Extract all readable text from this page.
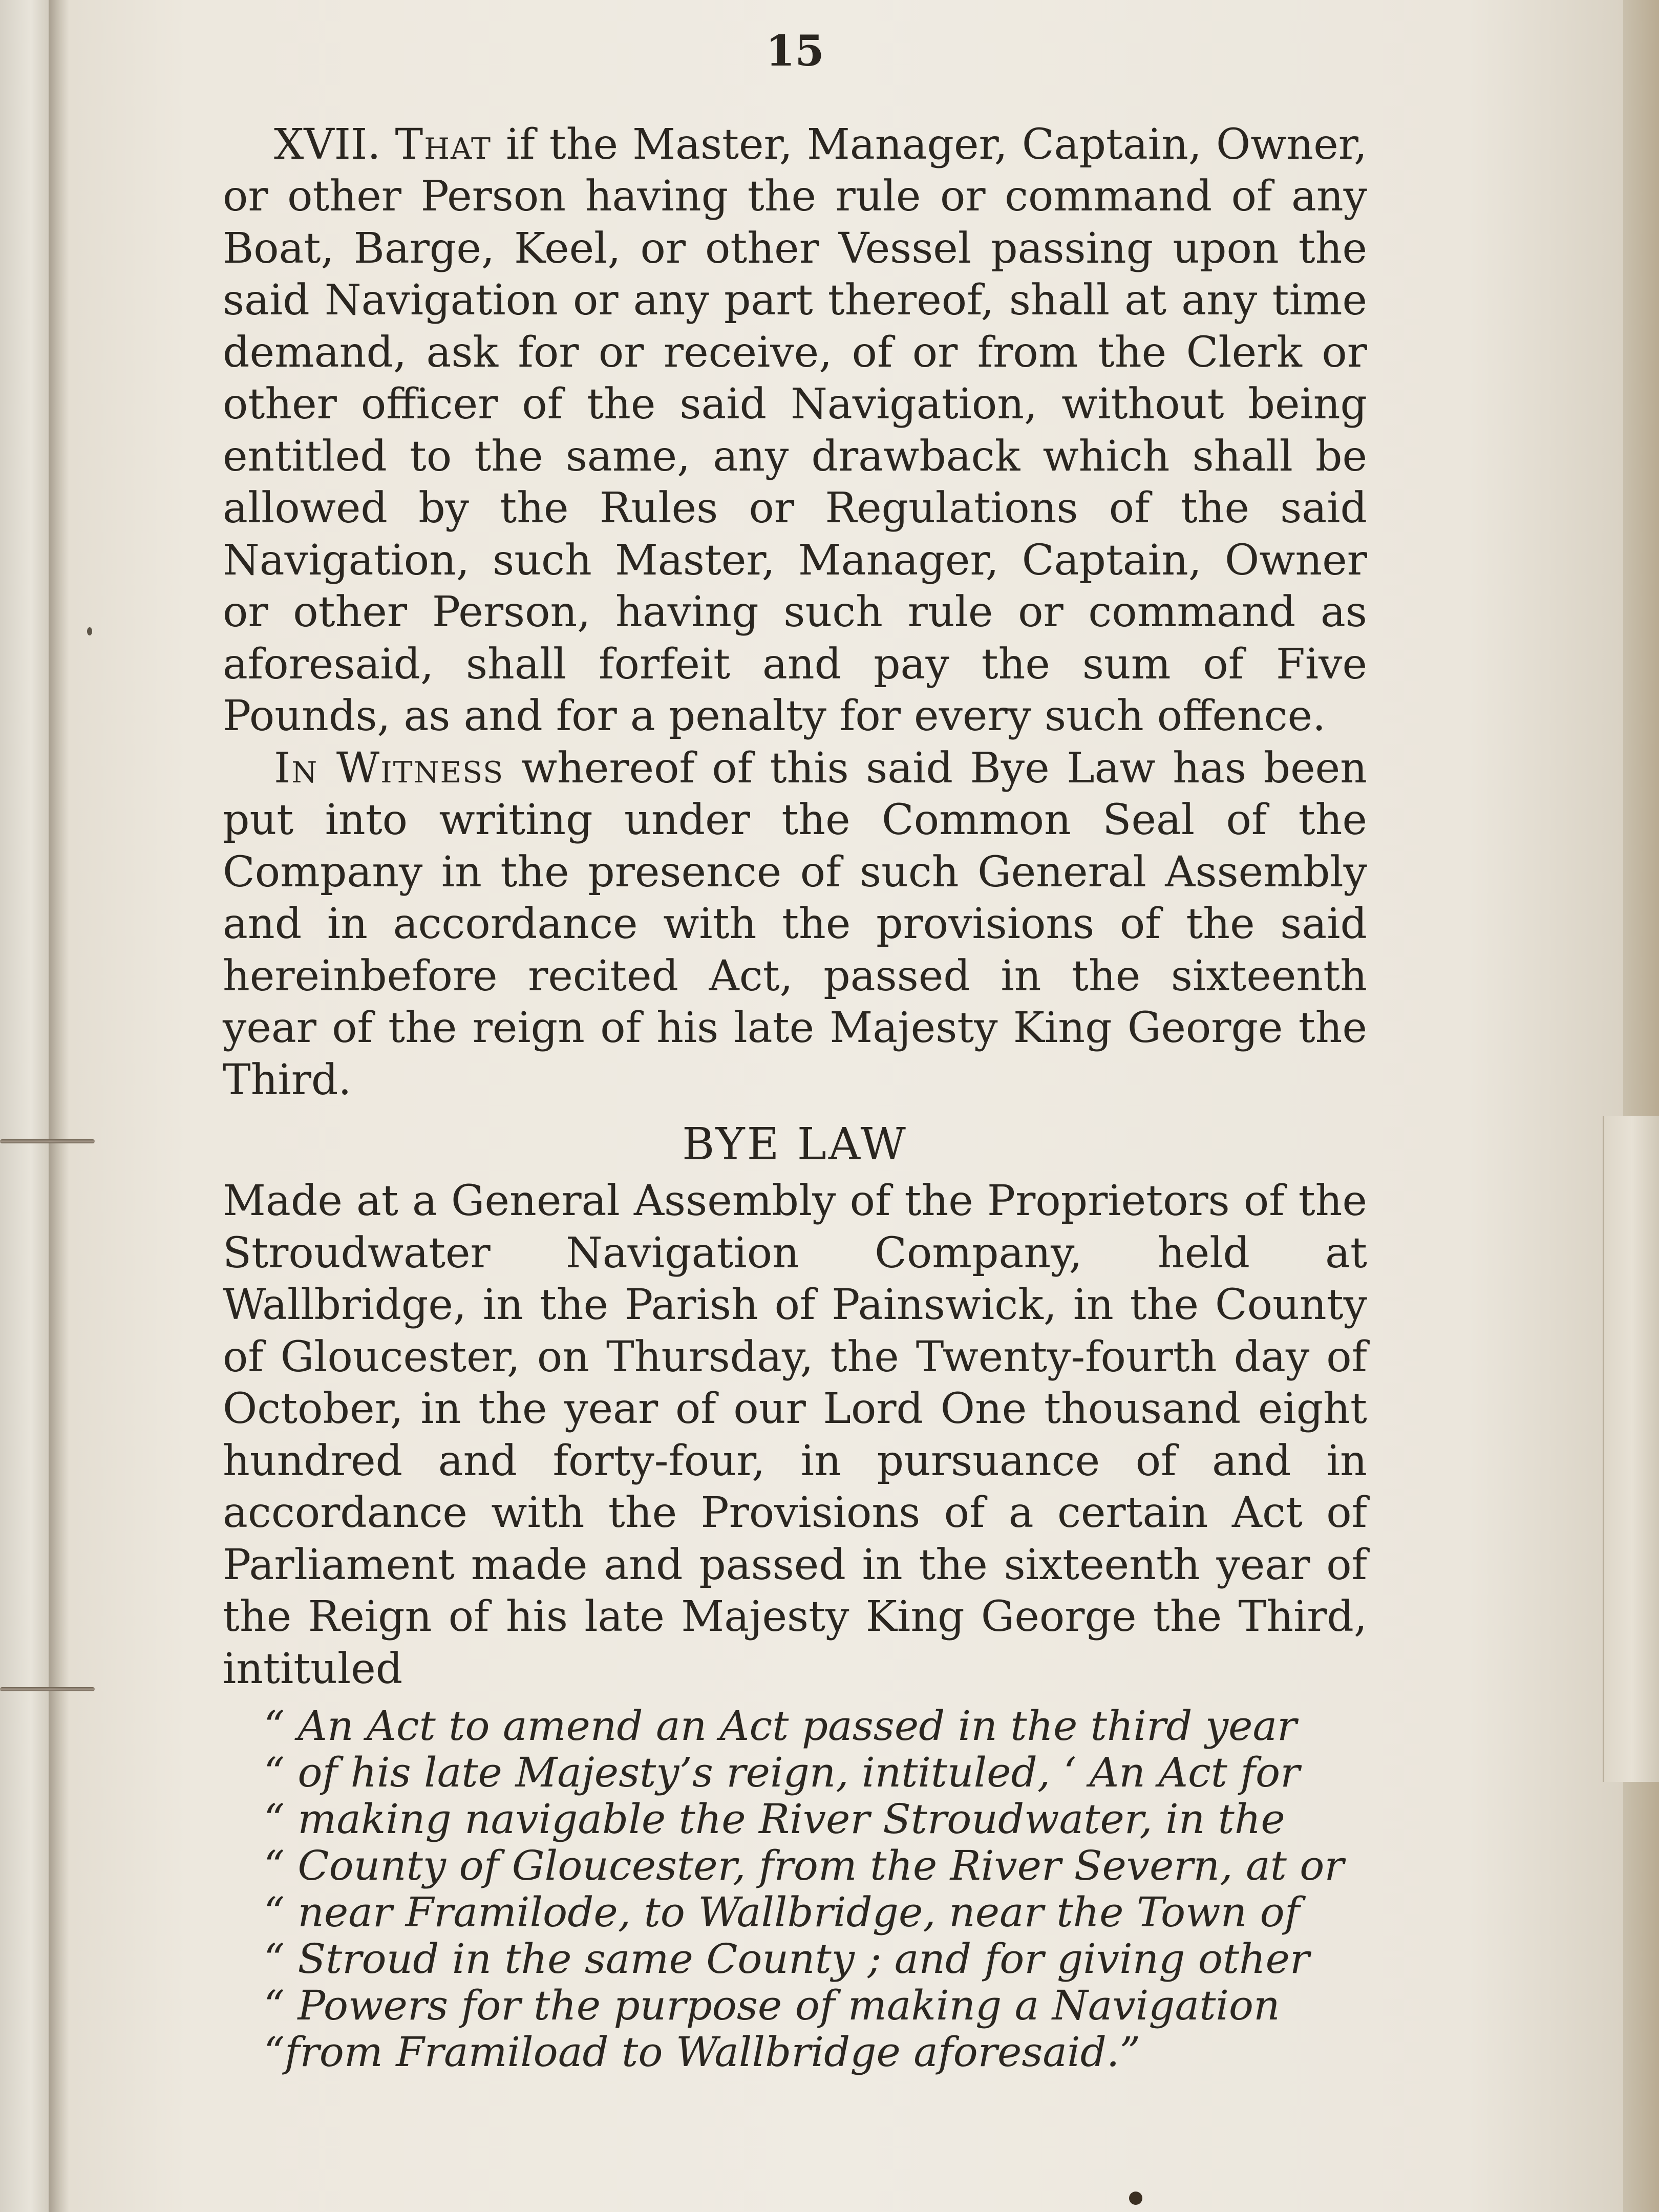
15

XVII. That if the Master, Manager, Captain, Owner, or other Person having the rule or command of any Boat, Barge, Keel, or other Vessel passing upon the said Navigation or any part thereof, shall at any time demand, ask for or receive, of or from the Clerk or other officer of the said Navigation, without being entitled to the same, any drawback which shall be allowed by the Rules or Regulations of the said Navigation, such Master, Manager, Captain, Owner or other Person, having such rule or command as aforesaid, shall forfeit and pay the sum of Five Pounds, as and for a penalty for every such offence.

In Witness whereof of this said Bye Law has been put into writing under the Common Seal of the Company in the presence of such General Assembly and in accordance with the provisions of the said hereinbefore recited Act, passed in the sixteenth year of the reign of his late Majesty King George the Third.

BYE LAW

Made at a General Assembly of the Proprietors of the Stroudwater Navigation Company, held at Wallbridge, in the Parish of Painswick, in the County of Gloucester, on Thursday, the Twenty-fourth day of October, in the year of our Lord One thousand eight hundred and forty-four, in pursuance of and in accordance with the Provisions of a certain Act of Parliament made and passed in the sixteenth year of the Reign of his late Majesty King George the Third, intituled

“ An Act to amend an Act passed in the third year
“ of his late Majesty’s reign, intituled, ‘ An Act for
“ making navigable the River Stroudwater, in the
“ County of Gloucester, from the River Severn, at or
“ near Framilode, to Wallbridge, near the Town of
“ Stroud in the same County ; and for giving other
“ Powers for the purpose of making a Navigation
“from Framiload to Wallbridge aforesaid.”
